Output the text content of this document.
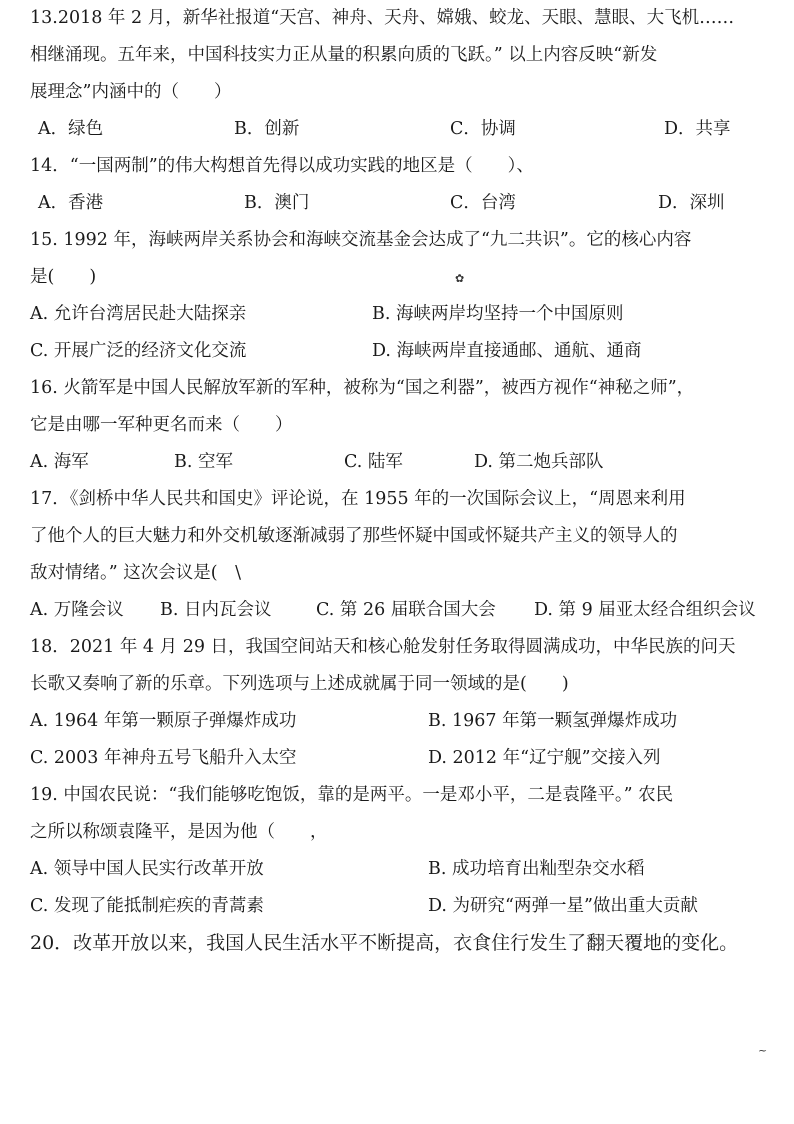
13.2018 年 2 月，新华社报道“天宫、神舟、天舟、嫦娥、蛟龙、天眼、慧眼、大飞机……
相继涌现。五年来，中国科技实力正从量的积累向质的飞跃。” 以上内容反映“新发
展理念”内涵中的（　　）
A．绿色	B．创新	C．协调	D．共享
14．“一国两制”的伟大构想首先得以成功实践的地区是（　　）、
A．香港	B．澳门	C．台湾	D．深圳
15. 1992 年，海峡两岸关系协会和海峡交流基金会达成了“九二共识”。它的核心内容
是(　　)
A. 允许台湾居民赴大陆探亲	B. 海峡两岸均坚持一个中国原则
C. 开展广泛的经济文化交流	D. 海峡两岸直接通邮、通航、通商
16. 火箭军是中国人民解放军新的军种，被称为“国之利器”，被西方视作“神秘之师”，
它是由哪一军种更名而来（　　）
A. 海军	B. 空军	C. 陆军	D. 第二炮兵部队
17．《剑桥中华人民共和国史》评论说，在 1955 年的一次国际会议上，“周恩来利用
了他个人的巨大魅力和外交机敏逐渐减弱了那些怀疑中国或怀疑共产主义的领导人的
敌对情绪。” 这次会议是(　\
A. 万隆会议 B. 日内瓦会议	C. 第 26 届联合国大会 D. 第 9 届亚太经合组织会议
18．2021 年 4 月 29 日，我国空间站天和核心舱发射任务取得圆满成功，中华民族的问天
长歌又奏响了新的乐章。下列选项与上述成就属于同一领域的是(　　)
A. 1964 年第一颗原子弹爆炸成功	B. 1967 年第一颗氢弹爆炸成功
C. 2003 年神舟五号飞船升入太空	D. 2012 年“辽宁舰”交接入列
19. 中国农民说：“我们能够吃饱饭，靠的是两平。一是邓小平，二是袁隆平。” 农民
之所以称颂袁隆平，是因为他（　　，
A. 领导中国人民实行改革开放	B. 成功培育出籼型杂交水稻
C. 发现了能抵制疟疾的青蒿素	D. 为研究“两弹一星”做出重大贡献
20．改革开放以来，我国人民生活水平不断提高，衣食住行发生了翻天覆地的变化。
✿
~
